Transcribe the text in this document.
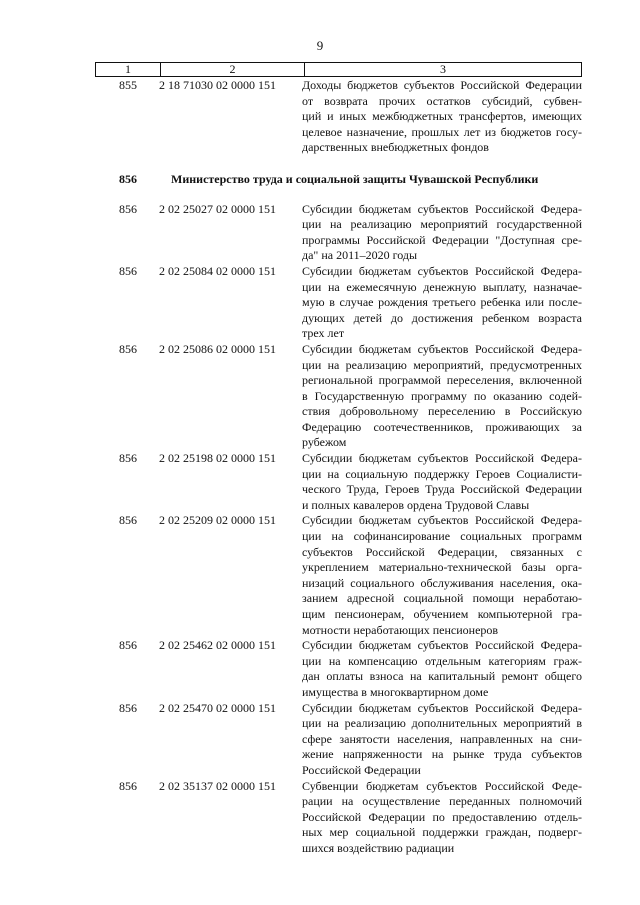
9
1	2	3
855	2 18 71030 02 0000 151	Доходы бюджетов субъектов Российской Федерации
от возврата прочих остатков субсидий, субвен-
ций и иных межбюджетных трансфертов, имеющих
целевое назначение, прошлых лет из бюджетов госу-
дарственных внебюджетных фондов
856	Министерство труда и социальной защиты Чувашской Республики
856	2 02 25027 02 0000 151	Субсидии бюджетам субъектов Российской Федера-
ции на реализацию мероприятий государственной
программы Российской Федерации "Доступная сре-
да" на 2011–2020 годы
856	2 02 25084 02 0000 151	Субсидии бюджетам субъектов Российской Федера-
ции на ежемесячную денежную выплату, назначае-
мую в случае рождения третьего ребенка или после-
дующих детей до достижения ребенком возраста
трех лет
856	2 02 25086 02 0000 151	Субсидии бюджетам субъектов Российской Федера-
ции на реализацию мероприятий, предусмотренных
региональной программой переселения, включенной
в Государственную программу по оказанию содей-
ствия добровольному переселению в Российскую
Федерацию соотечественников, проживающих за
рубежом
856	2 02 25198 02 0000 151	Субсидии бюджетам субъектов Российской Федера-
ции на социальную поддержку Героев Социалисти-
ческого Труда, Героев Труда Российской Федерации
и полных кавалеров ордена Трудовой Славы
856	2 02 25209 02 0000 151	Субсидии бюджетам субъектов Российской Федера-
ции на софинансирование социальных программ
субъектов Российской Федерации, связанных с
укреплением материально-технической базы орга-
низаций социального обслуживания населения, ока-
занием адресной социальной помощи неработаю-
щим пенсионерам, обучением компьютерной гра-
мотности неработающих пенсионеров
856	2 02 25462 02 0000 151	Субсидии бюджетам субъектов Российской Федера-
ции на компенсацию отдельным категориям граж-
дан оплаты взноса на капитальный ремонт общего
имущества в многоквартирном доме
856	2 02 25470 02 0000 151	Субсидии бюджетам субъектов Российской Федера-
ции на реализацию дополнительных мероприятий в
сфере занятости населения, направленных на сни-
жение напряженности на рынке труда субъектов
Российской Федерации
856	2 02 35137 02 0000 151	Субвенции бюджетам субъектов Российской Феде-
рации на осуществление переданных полномочий
Российской Федерации по предоставлению отдель-
ных мер социальной поддержки граждан, подверг-
шихся воздействию радиации
